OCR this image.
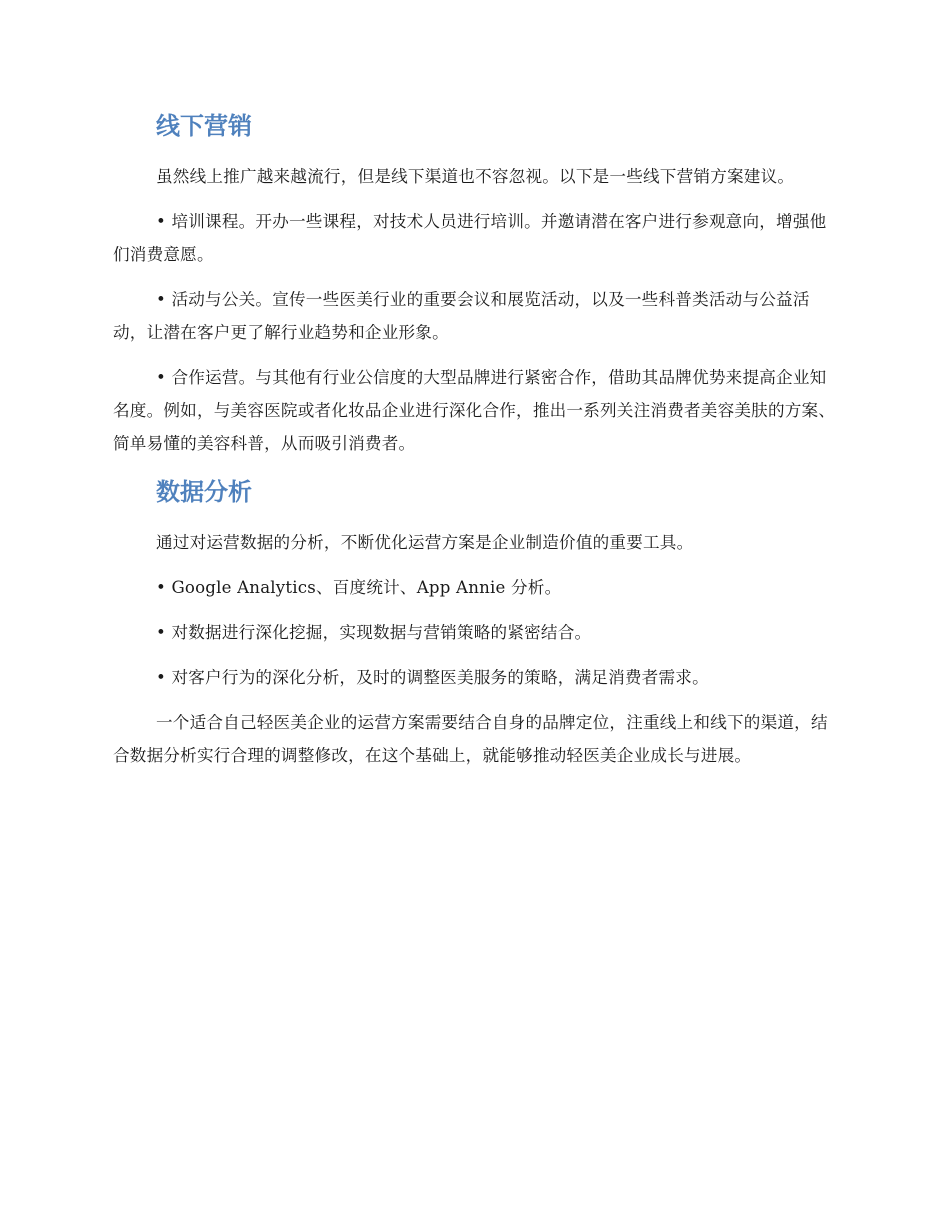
线下营销

虽然线上推广越来越流行，但是线下渠道也不容忽视。以下是一些线下营销方案建议。

• 培训课程。开办一些课程，对技术人员进行培训。并邀请潜在客户进行参观意向，增强他们消费意愿。

• 活动与公关。宣传一些医美行业的重要会议和展览活动，以及一些科普类活动与公益活动，让潜在客户更了解行业趋势和企业形象。

• 合作运营。与其他有行业公信度的大型品牌进行紧密合作，借助其品牌优势来提高企业知名度。例如，与美容医院或者化妆品企业进行深化合作，推出一系列关注消费者美容美肤的方案、简单易懂的美容科普，从而吸引消费者。

数据分析

通过对运营数据的分析，不断优化运营方案是企业制造价值的重要工具。

• Google Analytics、百度统计、App Annie 分析。

• 对数据进行深化挖掘，实现数据与营销策略的紧密结合。

• 对客户行为的深化分析，及时的调整医美服务的策略，满足消费者需求。

一个适合自己轻医美企业的运营方案需要结合自身的品牌定位，注重线上和线下的渠道，结合数据分析实行合理的调整修改，在这个基础上，就能够推动轻医美企业成长与进展。
